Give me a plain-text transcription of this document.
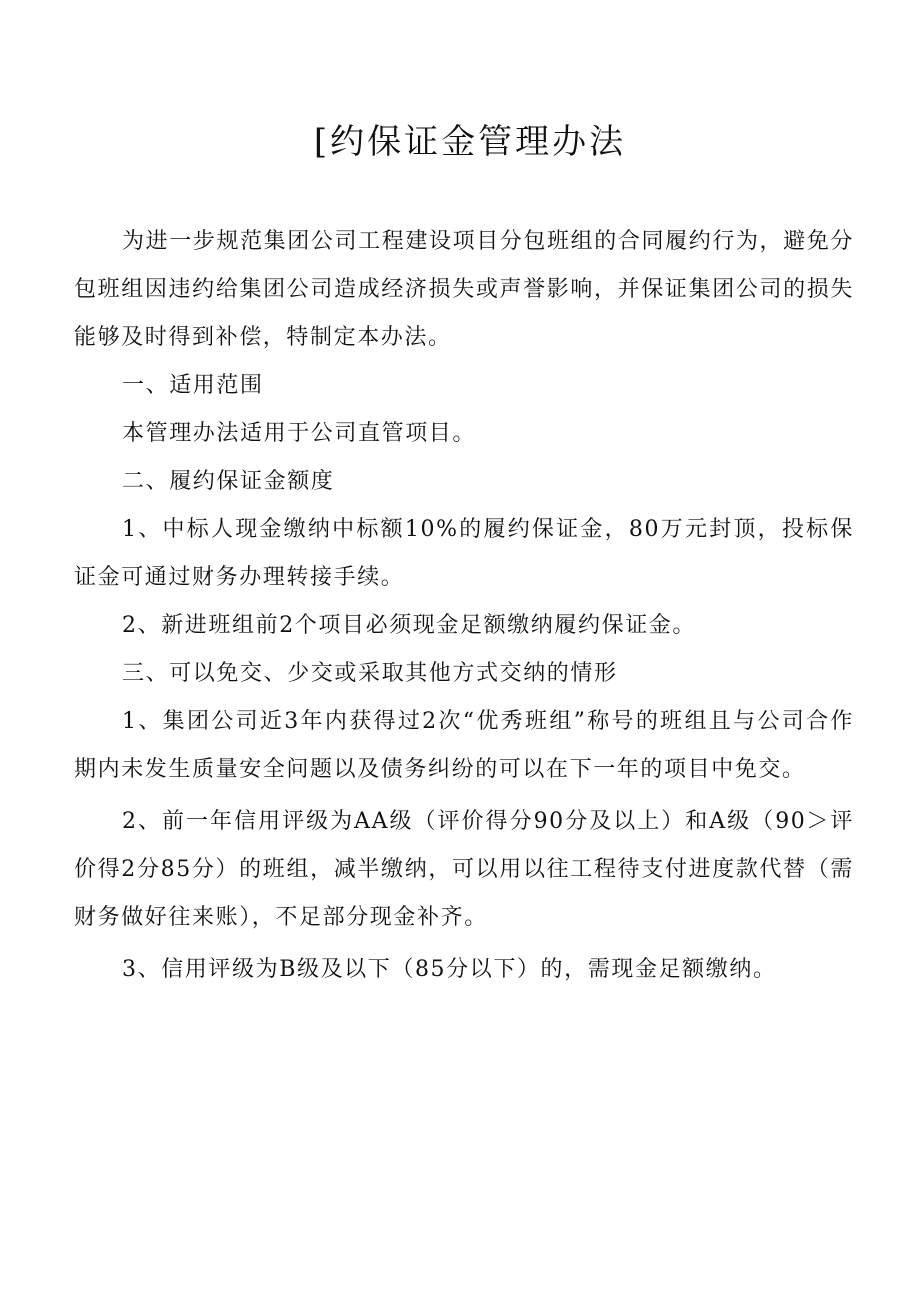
[约保证金管理办法

为进一步规范集团公司工程建设项目分包班组的合同履约行为，避免分包班组因违约给集团公司造成经济损失或声誉影响，并保证集团公司的损失能够及时得到补偿，特制定本办法。

一、适用范围

本管理办法适用于公司直管项目。

二、履约保证金额度

1、中标人现金缴纳中标额10%的履约保证金，80万元封顶，投标保证金可通过财务办理转接手续。

2、新进班组前2个项目必须现金足额缴纳履约保证金。

三、可以免交、少交或采取其他方式交纳的情形

1、集团公司近3年内获得过2次“优秀班组”称号的班组且与公司合作期内未发生质量安全问题以及债务纠纷的可以在下一年的项目中免交。

2、前一年信用评级为AA级（评价得分90分及以上）和A级（90＞评价得2分85分）的班组，减半缴纳，可以用以往工程待支付进度款代替（需财务做好往来账），不足部分现金补齐。

3、信用评级为B级及以下（85分以下）的，需现金足额缴纳。
